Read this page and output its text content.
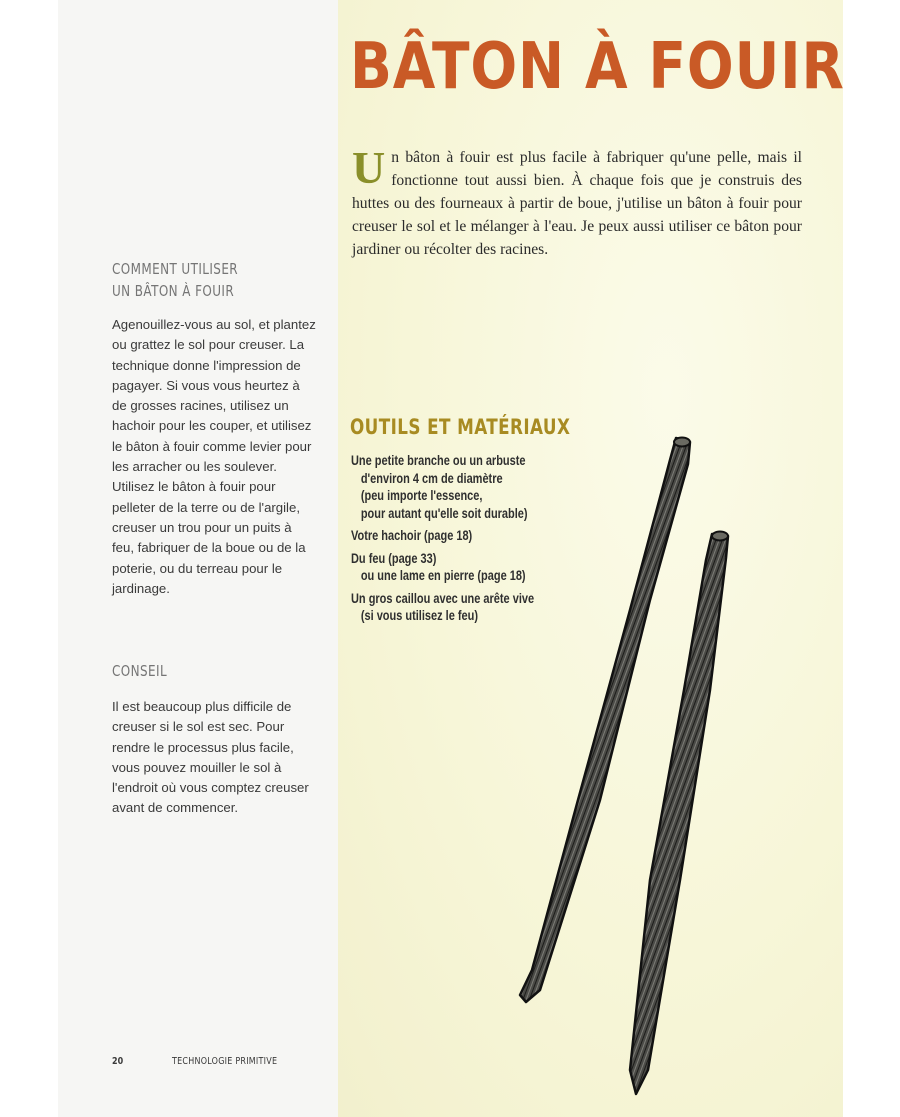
BÂTON À FOUIR

Un bâton à fouir est plus facile à fabriquer qu'une pelle, mais il fonctionne tout aussi bien. À chaque fois que je construis des huttes ou des fourneaux à partir de boue, j'utilise un bâton à fouir pour creuser le sol et le mélanger à l'eau. Je peux aussi utiliser ce bâton pour jardiner ou récolter des racines.

COMMENT UTILISER
UN BÂTON À FOUIR

Agenouillez-vous au sol, et plantez ou grattez le sol pour creuser. La technique donne l'impression de pagayer. Si vous vous heurtez à de grosses racines, utilisez un hachoir pour les couper, et utilisez le bâton à fouir comme levier pour les arracher ou les soulever. Utilisez le bâton à fouir pour pelleter de la terre ou de l'argile, creuser un trou pour un puits à feu, fabriquer de la boue ou de la poterie, ou du terreau pour le jardinage.

CONSEIL

Il est beaucoup plus difficile de creuser si le sol est sec. Pour rendre le processus plus facile, vous pouvez mouiller le sol à l'endroit où vous comptez creuser avant de commencer.

OUTILS ET MATÉRIAUX
Une petite branche ou un arbuste
d'environ 4 cm de diamètre
(peu importe l'essence,
pour autant qu'elle soit durable)
Votre hachoir (page 18)
Du feu (page 33)
ou une lame en pierre (page 18)
Un gros caillou avec une arête vive
(si vous utilisez le feu)

20	TECHNOLOGIE PRIMITIVE
